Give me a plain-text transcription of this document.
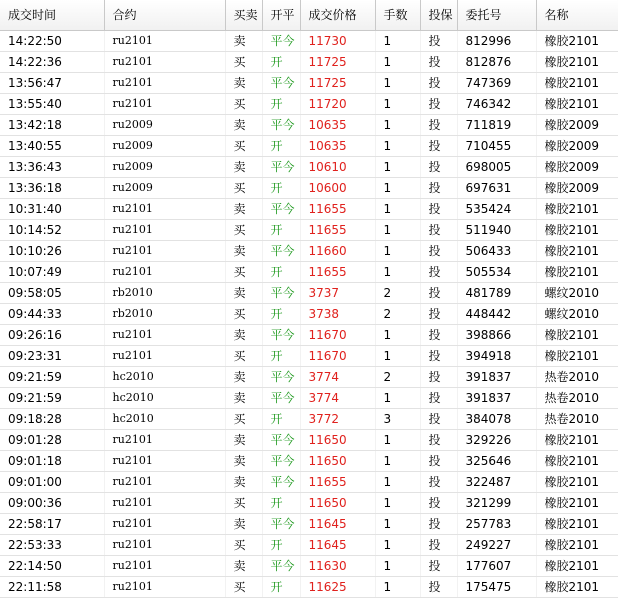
成交时间	合约	买卖	开平	成交价格	手数	投保	委托号	名称
14:22:50	ru2101	卖	平今	11730	1	投	812996	橡胶2101
14:22:36	ru2101	买	开	11725	1	投	812876	橡胶2101
13:56:47	ru2101	卖	平今	11725	1	投	747369	橡胶2101
13:55:40	ru2101	买	开	11720	1	投	746342	橡胶2101
13:42:18	ru2009	卖	平今	10635	1	投	711819	橡胶2009
13:40:55	ru2009	买	开	10635	1	投	710455	橡胶2009
13:36:43	ru2009	卖	平今	10610	1	投	698005	橡胶2009
13:36:18	ru2009	买	开	10600	1	投	697631	橡胶2009
10:31:40	ru2101	卖	平今	11655	1	投	535424	橡胶2101
10:14:52	ru2101	买	开	11655	1	投	511940	橡胶2101
10:10:26	ru2101	卖	平今	11660	1	投	506433	橡胶2101
10:07:49	ru2101	买	开	11655	1	投	505534	橡胶2101
09:58:05	rb2010	卖	平今	3737	2	投	481789	螺纹2010
09:44:33	rb2010	买	开	3738	2	投	448442	螺纹2010
09:26:16	ru2101	卖	平今	11670	1	投	398866	橡胶2101
09:23:31	ru2101	买	开	11670	1	投	394918	橡胶2101
09:21:59	hc2010	卖	平今	3774	2	投	391837	热卷2010
09:21:59	hc2010	卖	平今	3774	1	投	391837	热卷2010
09:18:28	hc2010	买	开	3772	3	投	384078	热卷2010
09:01:28	ru2101	卖	平今	11650	1	投	329226	橡胶2101
09:01:18	ru2101	卖	平今	11650	1	投	325646	橡胶2101
09:01:00	ru2101	卖	平今	11655	1	投	322487	橡胶2101
09:00:36	ru2101	买	开	11650	1	投	321299	橡胶2101
22:58:17	ru2101	卖	平今	11645	1	投	257783	橡胶2101
22:53:33	ru2101	买	开	11645	1	投	249227	橡胶2101
22:14:50	ru2101	卖	平今	11630	1	投	177607	橡胶2101
22:11:58	ru2101	买	开	11625	1	投	175475	橡胶2101
